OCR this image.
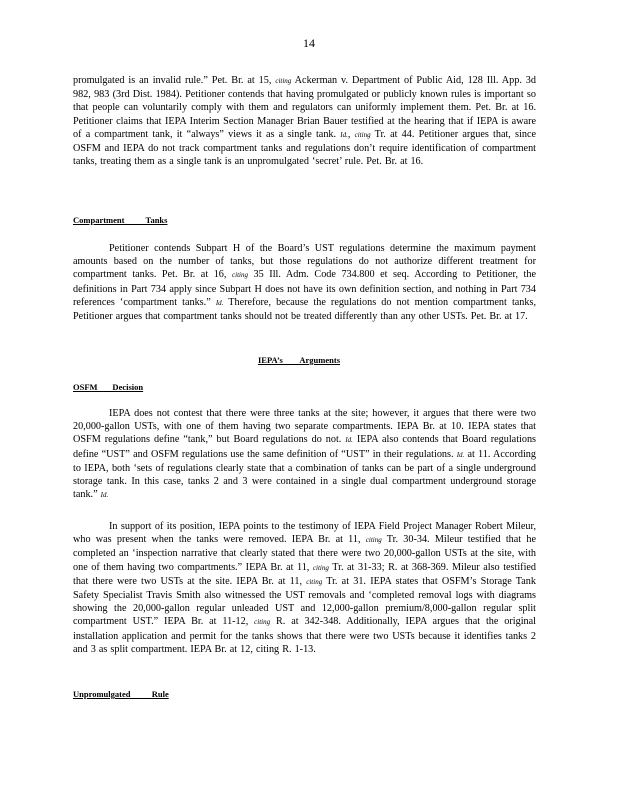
14

promulgated is an invalid rule.” Pet. Br. at 15, citing Ackerman v. Department of Public Aid, 128 Ill. App. 3d 982, 983 (3rd Dist. 1984). Petitioner contends that having promulgated or publicly known rules is important so that people can voluntarily comply with them and regulators can uniformly implement them. Pet. Br. at 16. Petitioner claims that IEPA Interim Section Manager Brian Bauer testified at the hearing that if IEPA is aware of a compartment tank, it “always” views it as a single tank. Id., citing Tr. at 44. Petitioner argues that, since OSFM and IEPA do not track compartment tanks and regulations don’t require identification of compartment tanks, treating them as a single tank is an unpromulgated ‘secret’ rule. Pet. Br. at 16.

Compartment          Tanks

Petitioner contends Subpart H of the Board’s UST regulations determine the maximum payment amounts based on the number of tanks, but those regulations do not authorize different treatment for compartment tanks. Pet. Br. at 16, citing 35 Ill. Adm. Code 734.800 et seq. According to Petitioner, the definitions in Part 734 apply since Subpart H does not have its own definition section, and nothing in Part 734 references ‘compartment tanks.” Id. Therefore, because the regulations do not mention compartment tanks, Petitioner argues that compartment tanks should not be treated differently than any other USTs. Pet. Br. at 17.

IEPA’s        Arguments
OSFM       Decision

IEPA does not contest that there were three tanks at the site; however, it argues that there were two 20,000-gallon USTs, with one of them having two separate compartments. IEPA Br. at 10. IEPA states that OSFM regulations define “tank,” but Board regulations do not. Id. IEPA also contends that Board regulations define “UST” and OSFM regulations use the same definition of “UST” in their regulations. Id. at 11. According to IEPA, both ‘sets of regulations clearly state that a combination of tanks can be part of a single underground storage tank. In this case, tanks 2 and 3 were contained in a single dual compartment underground storage tank.” Id.

In support of its position, IEPA points to the testimony of IEPA Field Project Manager Robert Mileur, who was present when the tanks were removed. IEPA Br. at 11, citing Tr. 30-34. Mileur testified that he completed an ‘inspection narrative that clearly stated that there were two 20,000-gallon USTs at the site, with one of them having two compartments.” IEPA Br. at 11, citing Tr. at 31-33; R. at 368-369. Mileur also testified that there were two USTs at the site. IEPA Br. at 11, citing Tr. at 31. IEPA states that OSFM’s Storage Tank Safety Specialist Travis Smith also witnessed the UST removals and ‘completed removal logs with diagrams showing the 20,000-gallon regular unleaded UST and 12,000-gallon premium/8,000-gallon regular split compartment UST.” IEPA Br. at 11-12, citing R. at 342-348. Additionally, IEPA argues that the original installation application and permit for the tanks shows that there were two USTs because it identifies tanks 2 and 3 as split compartment. IEPA Br. at 12, citing R. 1-13.

Unpromulgated          Rule
